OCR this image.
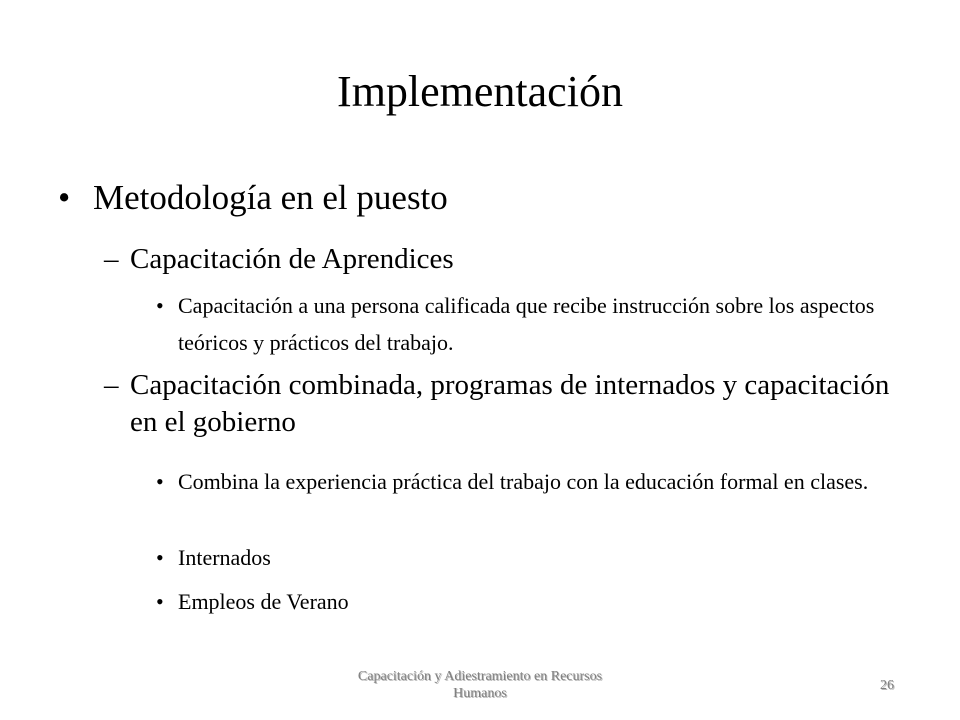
Implementación
• Metodología en el puesto
– Capacitación de Aprendices
• Capacitación a una persona calificada que recibe instrucción sobre los aspectos teóricos y prácticos del trabajo.
– Capacitación combinada, programas de internados y capacitación en el gobierno
• Combina la experiencia práctica del trabajo con la educación formal en clases.
• Internados
• Empleos de Verano
Capacitación y Adiestramiento en Recursos Humanos
26
